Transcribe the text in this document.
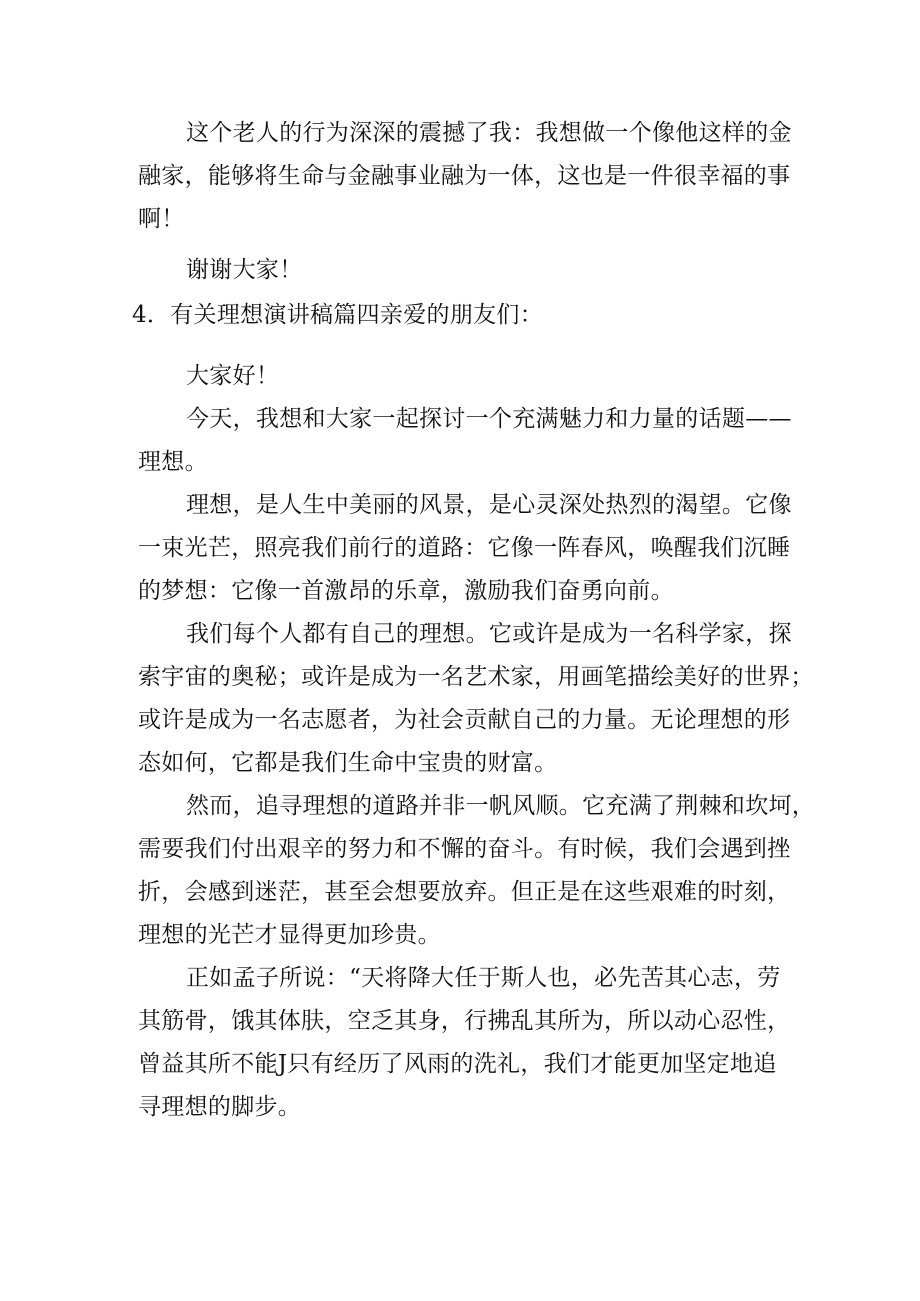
这个老人的行为深深的震撼了我：我想做一个像他这样的金
融家，能够将生命与金融事业融为一体，这也是一件很幸福的事
啊！
谢谢大家！
4．有关理想演讲稿篇四亲爱的朋友们：
大家好！
今天，我想和大家一起探讨一个充满魅力和力量的话题——
理想。
理想，是人生中美丽的风景，是心灵深处热烈的渴望。它像
一束光芒，照亮我们前行的道路：它像一阵春风，唤醒我们沉睡
的梦想：它像一首激昂的乐章，激励我们奋勇向前。
我们每个人都有自己的理想。它或许是成为一名科学家，探
索宇宙的奥秘；或许是成为一名艺术家，用画笔描绘美好的世界；
或许是成为一名志愿者，为社会贡献自己的力量。无论理想的形
态如何，它都是我们生命中宝贵的财富。
然而，追寻理想的道路并非一帆风顺。它充满了荆棘和坎坷，
需要我们付出艰辛的努力和不懈的奋斗。有时候，我们会遇到挫
折，会感到迷茫，甚至会想要放弃。但正是在这些艰难的时刻，
理想的光芒才显得更加珍贵。
正如孟子所说：“天将降大任于斯人也，必先苦其心志，劳
其筋骨，饿其体肤，空乏其身，行拂乱其所为，所以动心忍性，
曾益其所不能J只有经历了风雨的洗礼，我们才能更加坚定地追
寻理想的脚步。
